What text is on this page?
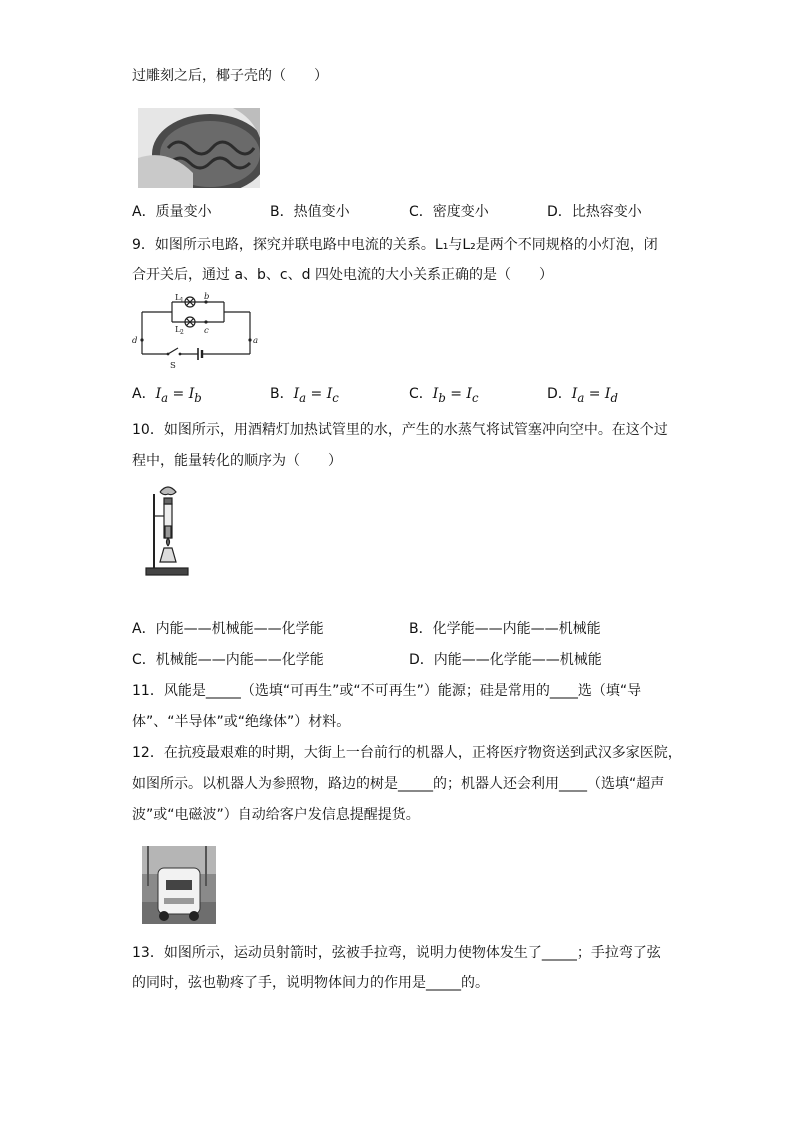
过雕刻之后，椰子壳的（　　）
A．质量变小	B．热值变小	C．密度变小	D．比热容变小
9．如图所示电路，探究并联电路中电流的关系。L₁与L₂是两个不同规格的小灯泡，闭
合开关后，通过 a、b、c、d 四处电流的大小关系正确的是（　　）
L 1
L 2
b
c
d	a
S
A．$I_a = I_b$	B．$I_a = I_c$	C．$I_b = I_c$	D．$I_a = I_d$
10．如图所示，用酒精灯加热试管里的水，产生的水蒸气将试管塞冲向空中。在这个过
程中，能量转化的顺序为（　　）
A．内能——机械能——化学能	B．化学能——内能——机械能
C．机械能——内能——化学能	D．内能——化学能——机械能
11．风能是_____（选填“可再生”或“不可再生”）能源；硅是常用的____选（填“导
体”、“半导体”或“绝缘体”）材料。
12．在抗疫最艰难的时期，大街上一台前行的机器人，正将医疗物资送到武汉多家医院，
如图所示。以机器人为参照物，路边的树是_____的；机器人还会利用____（选填“超声
波”或“电磁波”）自动给客户发信息提醒提货。
13．如图所示，运动员射箭时，弦被手拉弯，说明力使物体发生了_____；手拉弯了弦
的同时，弦也勒疼了手，说明物体间力的作用是_____的。
